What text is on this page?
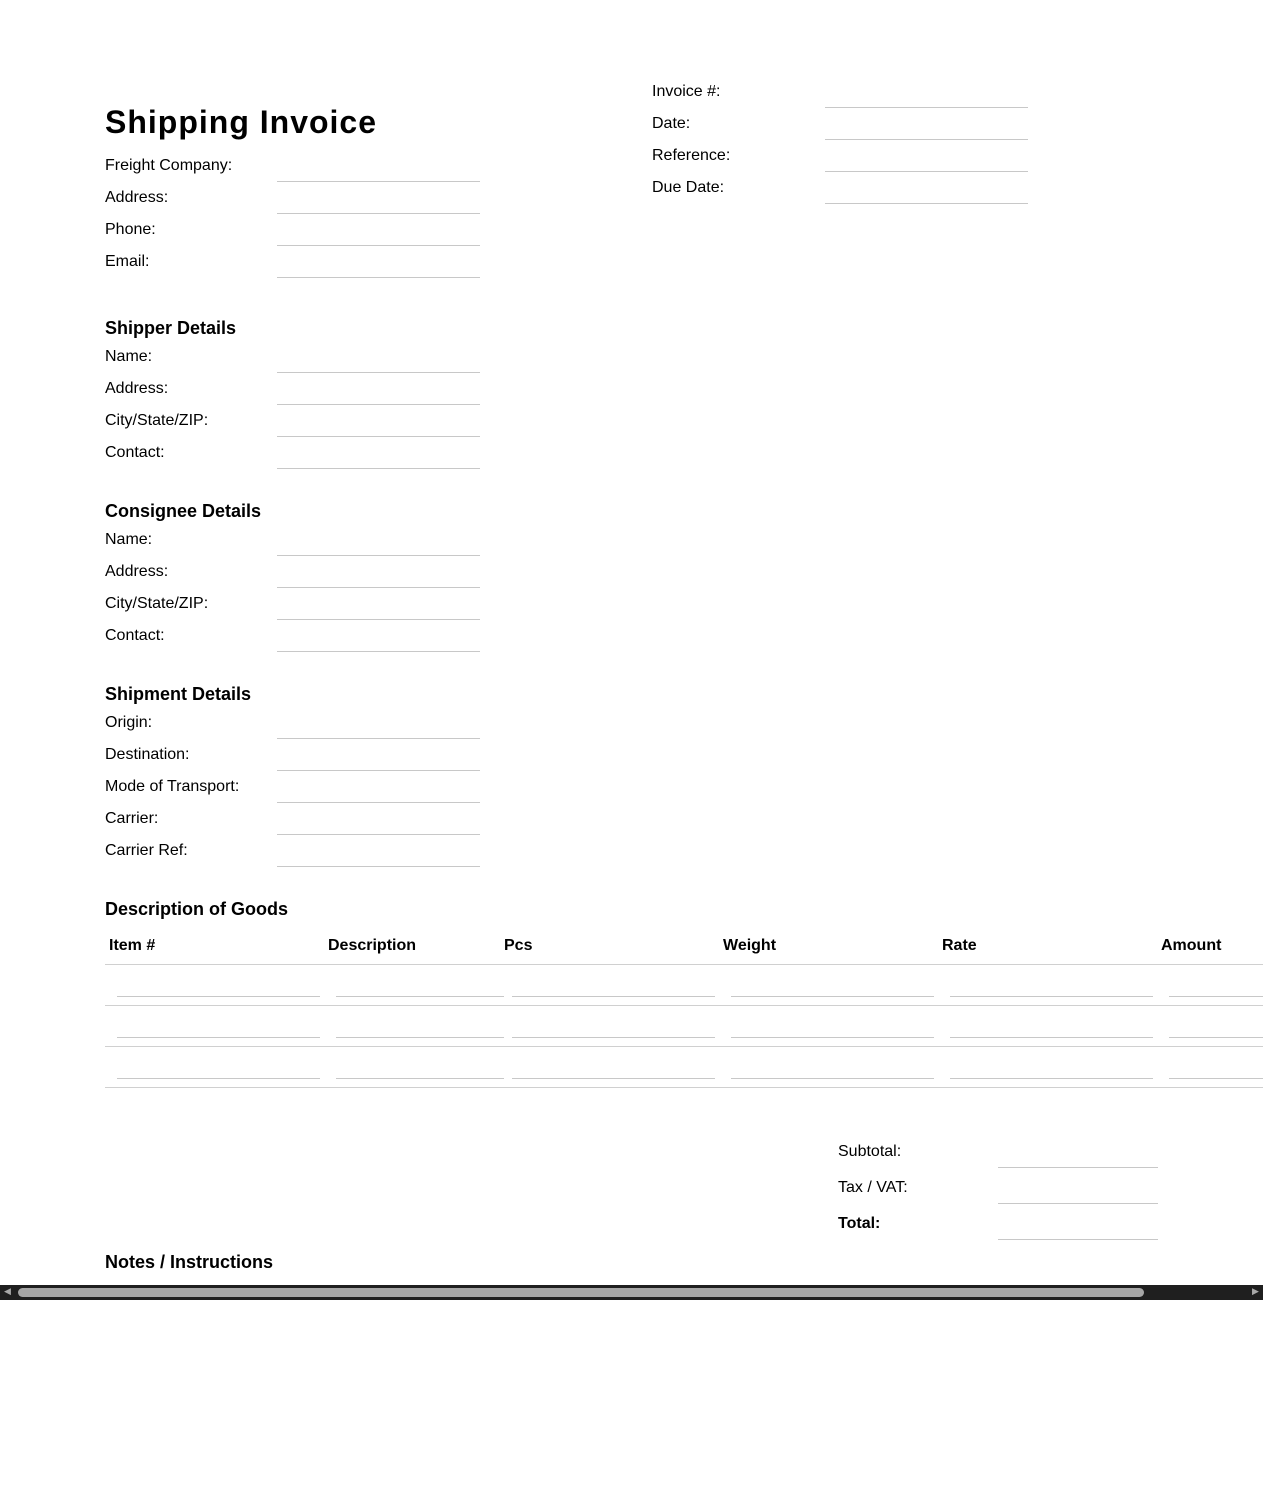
Shipping Invoice
Invoice #:
Date:
Reference:
Due Date:
Freight Company:
Address:
Phone:
Email:
Shipper Details
Name:
Address:
City/State/ZIP:
Contact:
Consignee Details
Name:
Address:
City/State/ZIP:
Contact:
Shipment Details
Origin:
Destination:
Mode of Transport:
Carrier:
Carrier Ref:
Description of Goods
Item #	Description	Pcs	Weight	Rate	Amount
Subtotal:
Tax / VAT:
Total:
Notes / Instructions
◀	▶
